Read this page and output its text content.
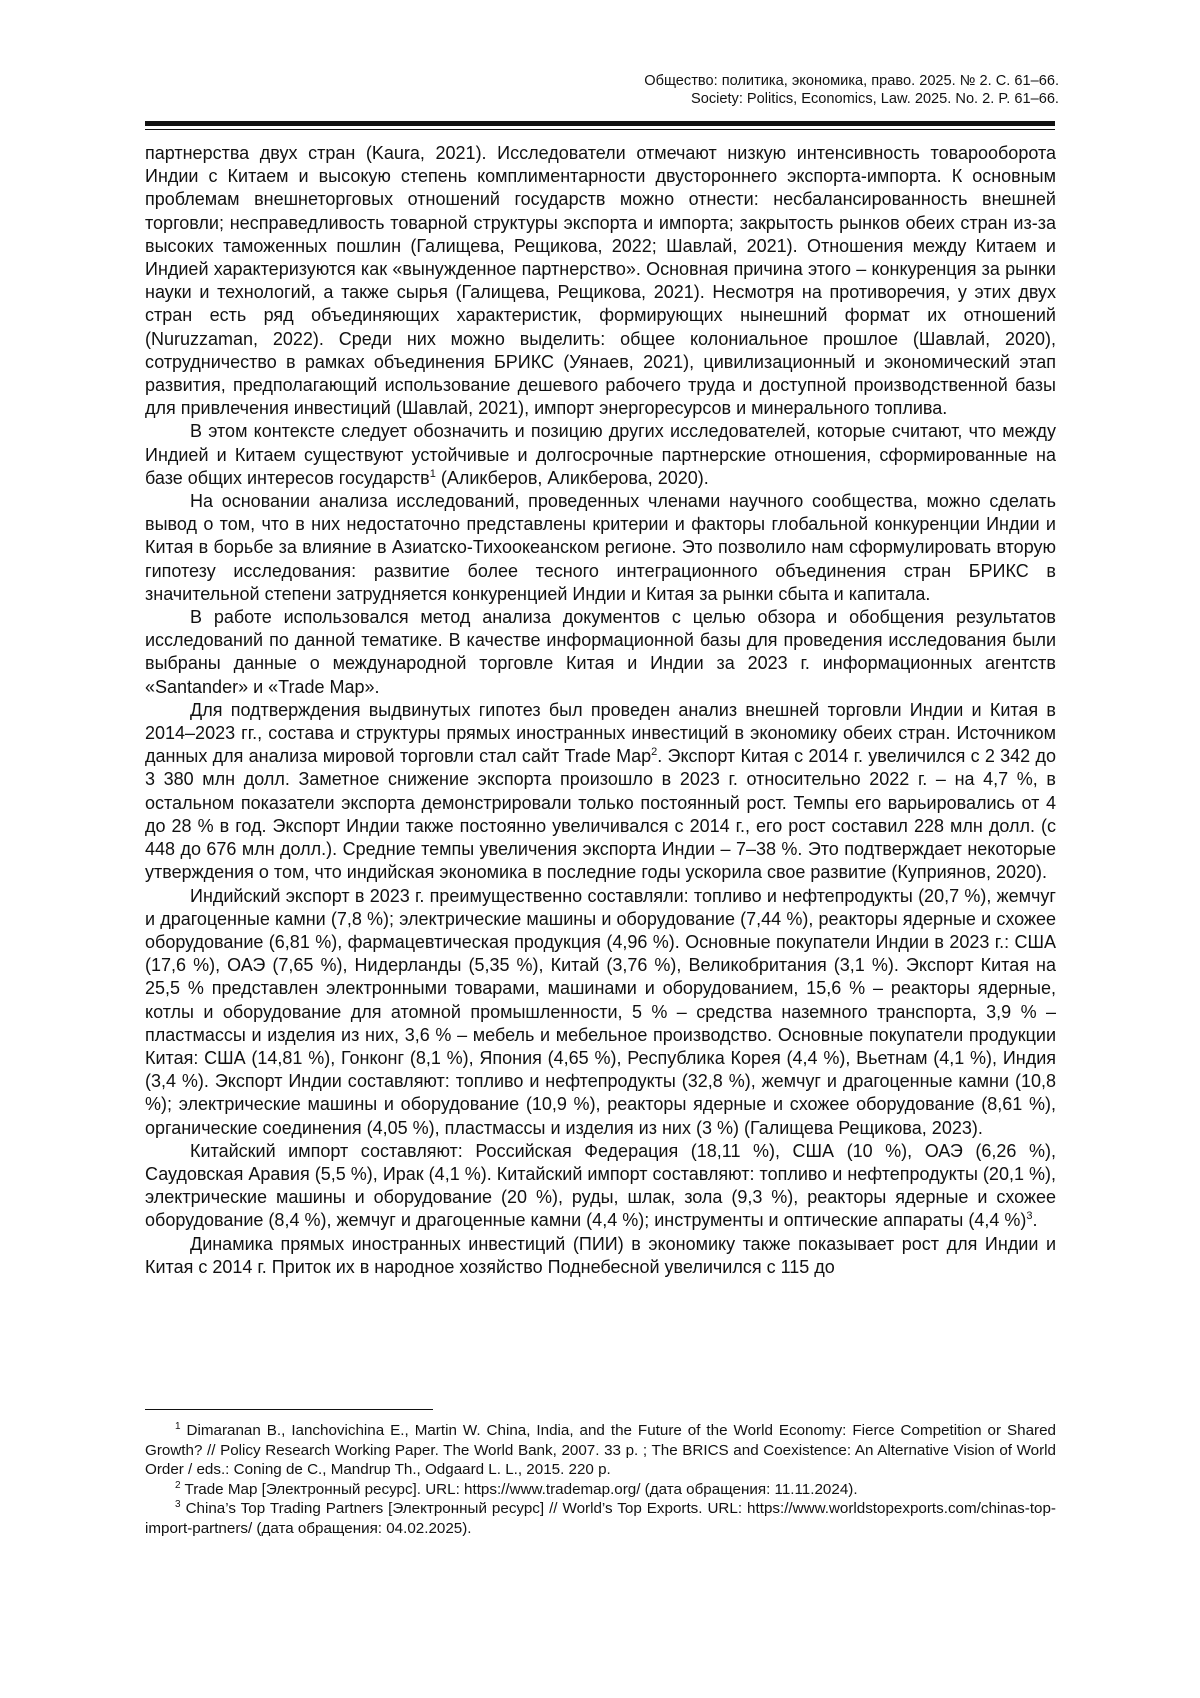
Общество: политика, экономика, право. 2025. № 2. С. 61–66.
Society: Politics, Economics, Law. 2025. No. 2. P. 61–66.

партнерства двух стран (Kaura, 2021). Исследователи отмечают низкую интенсивность товарооборота Индии с Китаем и высокую степень комплиментарности двустороннего экспорта-импорта. К основным проблемам внешнеторговых отношений государств можно отнести: несбалансированность внешней торговли; несправедливость товарной структуры экспорта и импорта; закрытость рынков обеих стран из-за высоких таможенных пошлин (Галищева, Рещикова, 2022; Шавлай, 2021). Отношения между Китаем и Индией характеризуются как «вынужденное партнерство». Основная причина этого – конкуренция за рынки науки и технологий, а также сырья (Галищева, Рещикова, 2021). Несмотря на противоречия, у этих двух стран есть ряд объединяющих характеристик, формирующих нынешний формат их отношений (Nuruzzaman, 2022). Среди них можно выделить: общее колониальное прошлое (Шавлай, 2020), сотрудничество в рамках объединения БРИКС (Уянаев, 2021), цивилизационный и экономический этап развития, предполагающий использование дешевого рабочего труда и доступной производственной базы для привлечения инвестиций (Шавлай, 2021), импорт энергоресурсов и минерального топлива.

В этом контексте следует обозначить и позицию других исследователей, которые считают, что между Индией и Китаем существуют устойчивые и долгосрочные партнерские отношения, сформированные на базе общих интересов государств$^1$ (Аликберов, Аликберова, 2020).

На основании анализа исследований, проведенных членами научного сообщества, можно сделать вывод о том, что в них недостаточно представлены критерии и факторы глобальной конкуренции Индии и Китая в борьбе за влияние в Азиатско-Тихоокеанском регионе. Это позволило нам сформулировать вторую гипотезу исследования: развитие более тесного интеграционного объединения стран БРИКС в значительной степени затрудняется конкуренцией Индии и Китая за рынки сбыта и капитала.

В работе использовался метод анализа документов с целью обзора и обобщения результатов исследований по данной тематике. В качестве информационной базы для проведения исследования были выбраны данные о международной торговле Китая и Индии за 2023 г. информационных агентств «Santander» и «Trade Map».

Для подтверждения выдвинутых гипотез был проведен анализ внешней торговли Индии и Китая в 2014–2023 гг., состава и структуры прямых иностранных инвестиций в экономику обеих стран. Источником данных для анализа мировой торговли стал сайт Trade Map$^2$. Экспорт Китая с 2014 г. увеличился с 2 342 до 3 380 млн долл. Заметное снижение экспорта произошло в 2023 г. относительно 2022 г. – на 4,7 %, в остальном показатели экспорта демонстрировали только постоянный рост. Темпы его варьировались от 4 до 28 % в год. Экспорт Индии также постоянно увеличивался с 2014 г., его рост составил 228 млн долл. (с 448 до 676 млн долл.). Средние темпы увеличения экспорта Индии – 7–38 %. Это подтверждает некоторые утверждения о том, что индийская экономика в последние годы ускорила свое развитие (Куприянов, 2020).

Индийский экспорт в 2023 г. преимущественно составляли: топливо и нефтепродукты (20,7 %), жемчуг и драгоценные камни (7,8 %); электрические машины и оборудование (7,44 %), реакторы ядерные и схожее оборудование (6,81 %), фармацевтическая продукция (4,96 %). Основные покупатели Индии в 2023 г.: США (17,6 %), ОАЭ (7,65 %), Нидерланды (5,35 %), Китай (3,76 %), Великобритания (3,1 %). Экспорт Китая на 25,5 % представлен электронными товарами, машинами и оборудованием, 15,6 % – реакторы ядерные, котлы и оборудование для атомной промышленности, 5 % – средства наземного транспорта, 3,9 % – пластмассы и изделия из них, 3,6 % – мебель и мебельное производство. Основные покупатели продукции Китая: США (14,81 %), Гонконг (8,1 %), Япония (4,65 %), Республика Корея (4,4 %), Вьетнам (4,1 %), Индия (3,4 %). Экспорт Индии составляют: топливо и нефтепродукты (32,8 %), жемчуг и драгоценные камни (10,8 %); электрические машины и оборудование (10,9 %), реакторы ядерные и схожее оборудование (8,61 %), органические соединения (4,05 %), пластмассы и изделия из них (3 %) (Галищева Рещикова, 2023).

Китайский импорт составляют: Российская Федерация (18,11 %), США (10 %), ОАЭ (6,26 %), Саудовская Аравия (5,5 %), Ирак (4,1 %). Китайский импорт составляют: топливо и нефтепродукты (20,1 %), электрические машины и оборудование (20 %), руды, шлак, зола (9,3 %), реакторы ядерные и схожее оборудование (8,4 %), жемчуг и драгоценные камни (4,4 %); инструменты и оптические аппараты (4,4 %)$^3$.

Динамика прямых иностранных инвестиций (ПИИ) в экономику также показывает рост для Индии и Китая с 2014 г. Приток их в народное хозяйство Поднебесной увеличился с 115 до

$^1$ Dimaranan B., Ianchovichina E., Martin W. China, India, and the Future of the World Economy: Fierce Competition or Shared Growth? // Policy Research Working Paper. The World Bank, 2007. 33 p. ; The BRICS and Coexistence: An Alternative Vision of World Order / eds.: Coning de C., Mandrup Th., Odgaard L. L., 2015. 220 p.

$^2$ Trade Map [Электронный ресурс]. URL: https://www.trademap.org/ (дата обращения: 11.11.2024).

$^3$ China’s Top Trading Partners [Электронный ресурс] // World’s Top Exports. URL: https://www.worldstopexports.com/chinas-top-import-partners/ (дата обращения: 04.02.2025).
